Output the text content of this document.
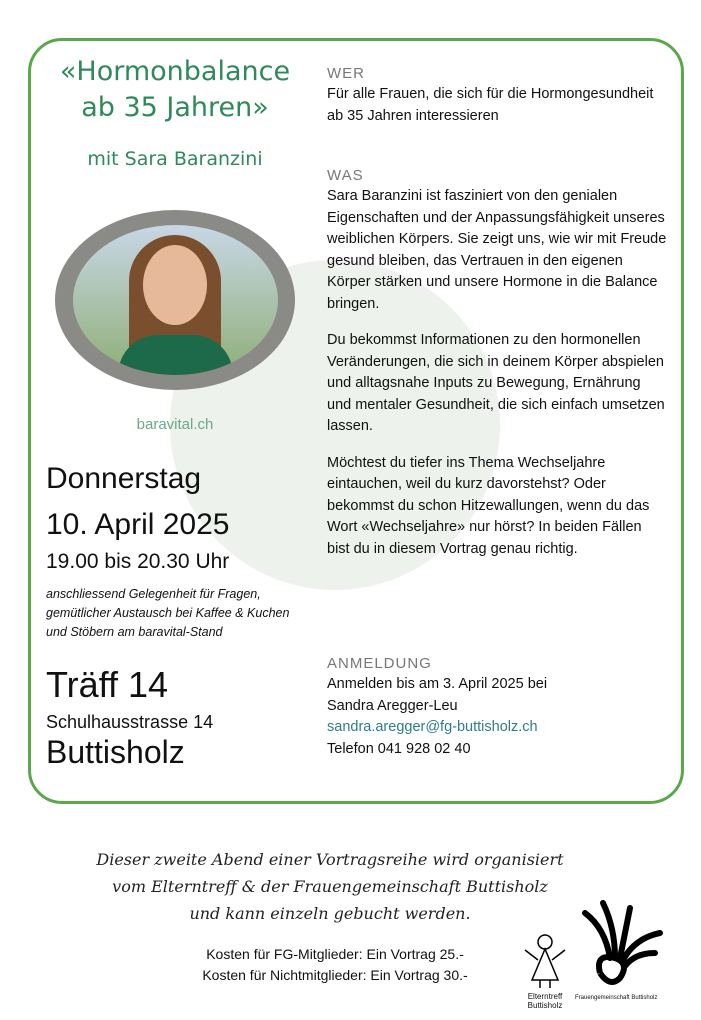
«Hormonbalance ab 35 Jahren»
mit Sara Baranzini
baravital.ch
Donnerstag
10. April 2025
19.00 bis 20.30 Uhr
anschliessend Gelegenheit für Fragen, gemütlicher Austausch bei Kaffee & Kuchen und Stöbern am baravital-Stand
Träff 14
Schulhausstrasse 14
Buttisholz
WER
Für alle Frauen, die sich für die Hormongesundheit ab 35 Jahren interessieren
WAS
Sara Baranzini ist fasziniert von den genialen Eigenschaften und der Anpassungsfähigkeit unseres weiblichen Körpers. Sie zeigt uns, wie wir mit Freude gesund bleiben, das Vertrauen in den eigenen Körper stärken und unsere Hormone in die Balance bringen.
Du bekommst Informationen zu den hormonellen Veränderungen, die sich in deinem Körper abspielen und alltagsnahe Inputs zu Bewegung, Ernährung und mentaler Gesundheit, die sich einfach umsetzen lassen.
Möchtest du tiefer ins Thema Wechseljahre eintauchen, weil du kurz davorstehst? Oder bekommst du schon Hitzewallungen, wenn du das Wort «Wechseljahre» nur hörst? In beiden Fällen bist du in diesem Vortrag genau richtig.
ANMELDUNG
Anmelden bis am 3. April 2025 bei
Sandra Aregger-Leu
sandra.aregger@fg-buttisholz.ch
Telefon 041 928 02 40
Dieser zweite Abend einer Vortragsreihe wird organisiert
vom Elterntreff & der Frauengemeinschaft Buttisholz
und kann einzeln gebucht werden.
Kosten für FG-Mitglieder: Ein Vortrag 25.-
Kosten für Nichtmitglieder: Ein Vortrag 30.-
Elterntreff Buttisholz
Frauengemeinschaft Buttisholz
